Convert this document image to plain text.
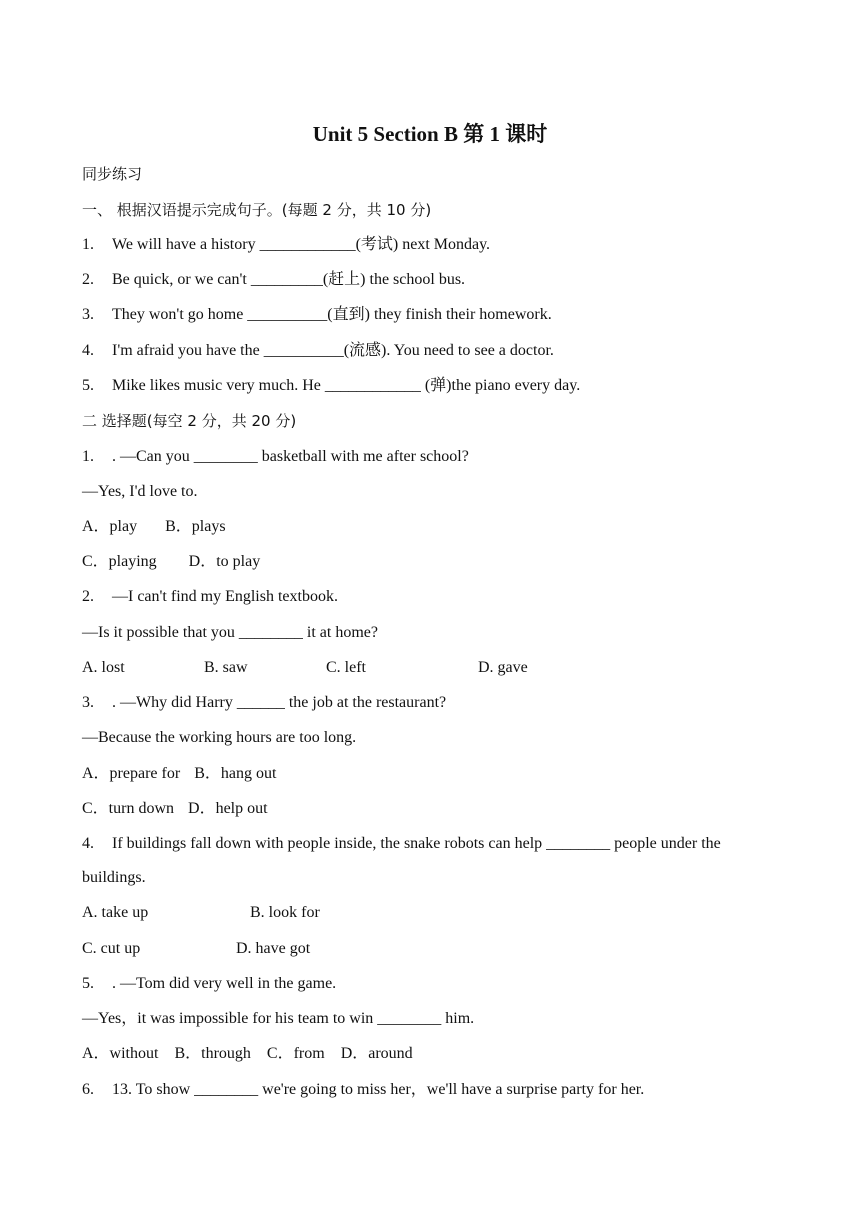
Unit 5 Section B 第 1 课时
同步练习
一、 根据汉语提示完成句子。(每题 2 分，共 10 分)
1. We will have a history ____________(考试) next Monday.
2. Be quick, or we can't _________(赶上) the school bus.
3. They won't go home __________(直到) they finish their homework.
4. I'm afraid you have the __________(流感). You need to see a doctor.
5. Mike likes music very much. He ____________ (弹)the piano every day.
二 选择题(每空 2 分，共 20 分)
1. . —Can you ________ basketball with me after school?
—Yes, I'd love to.
A．play B．plays
C．playing D．to play
2. —I can't find my English textbook.
—Is it possible that you ________ it at home?
A. lost	B. saw	C. left	D. gave
3. . —Why did Harry ______ the job at the restaurant?
—Because the working hours are too long.
A．prepare for B．hang out
C．turn down D．help out
4. If buildings fall down with people inside, the snake robots can help ________ people under the
buildings.
A. take up	B. look for
C. cut up	D. have got
5. . —Tom did very well in the game.
—Yes，it was impossible for his team to win ________ him.
A．without B．through C．from D．around
6. 13. To show ________ we're going to miss her，we'll have a surprise party for her.
